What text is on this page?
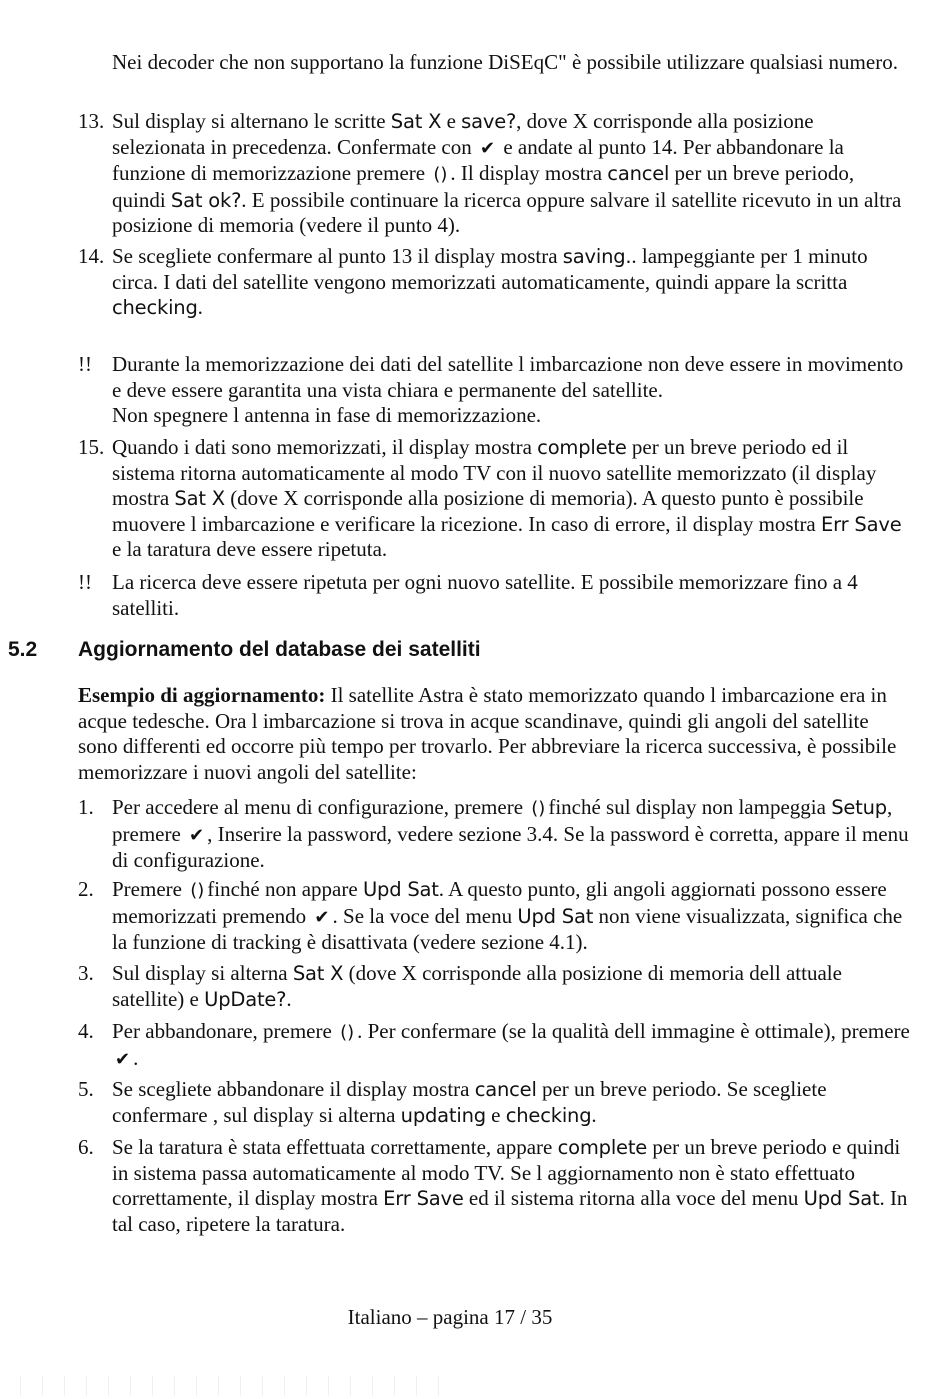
Nei decoder che non supportano la funzione DiSEqC" è possibile utilizzare qualsiasi numero.
13. Sul display si alternano le scritte Sat X e save?, dove X corrisponde alla posizione selezionata in precedenza. Confermate con ✔ e andate al punto 14. Per abbandonare la funzione di memorizzazione premere () . Il display mostra cancel per un breve periodo, quindi Sat ok?. E possibile continuare la ricerca oppure salvare il satellite ricevuto in un altra posizione di memoria (vedere il punto 4).
14. Se scegliete confermare al punto 13 il display mostra saving.. lampeggiante per 1 minuto circa. I dati del satellite vengono memorizzati automaticamente, quindi appare la scritta checking.
!! Durante la memorizzazione dei dati del satellite l imbarcazione non deve essere in movimento e deve essere garantita una vista chiara e permanente del satellite.
Non spegnere l antenna in fase di memorizzazione.
15. Quando i dati sono memorizzati, il display mostra complete per un breve periodo ed il sistema ritorna automaticamente al modo TV con il nuovo satellite memorizzato (il display mostra Sat X (dove X corrisponde alla posizione di memoria). A questo punto è possibile muovere l imbarcazione e verificare la ricezione. In caso di errore, il display mostra Err Save e la taratura deve essere ripetuta.
!! La ricerca deve essere ripetuta per ogni nuovo satellite. E possibile memorizzare fino a 4 satelliti.
5.2 Aggiornamento del database dei satelliti
Esempio di aggiornamento: Il satellite Astra è stato memorizzato quando l imbarcazione era in acque tedesche. Ora l imbarcazione si trova in acque scandinave, quindi gli angoli del satellite sono differenti ed occorre più tempo per trovarlo. Per abbreviare la ricerca successiva, è possibile memorizzare i nuovi angoli del satellite:
1. Per accedere al menu di configurazione, premere () finché sul display non lampeggia Setup, premere ✔ , Inserire la password, vedere sezione 3.4. Se la password è corretta, appare il menu di configurazione.
2. Premere () finché non appare Upd Sat. A questo punto, gli angoli aggiornati possono essere memorizzati premendo ✔ . Se la voce del menu Upd Sat non viene visualizzata, significa che la funzione di tracking è disattivata (vedere sezione 4.1).
3. Sul display si alterna Sat X (dove X corrisponde alla posizione di memoria dell attuale satellite) e UpDate?.
4. Per abbandonare, premere () . Per confermare (se la qualità dell immagine è ottimale), premere ✔ .
5. Se scegliete abbandonare il display mostra cancel per un breve periodo. Se scegliete confermare , sul display si alterna updating e checking.
6. Se la taratura è stata effettuata correttamente, appare complete per un breve periodo e quindi in sistema passa automaticamente al modo TV. Se l aggiornamento non è stato effettuato correttamente, il display mostra Err Save ed il sistema ritorna alla voce del menu Upd Sat. In tal caso, ripetere la taratura.
Italiano – pagina 17 / 35
